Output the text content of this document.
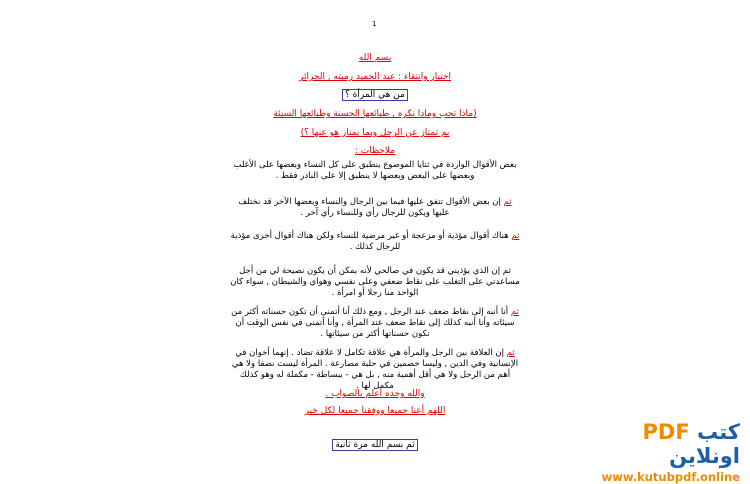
1
بسم الله
اختيار وانتقاء : عبد الحميد رميته , الجزائر
من هي المرأة ؟
(ماذا تحب وماذا تكره , طبائعها الحسنة وطبائعها السيئة
بم تمتاز عن الرجل وبما يمتاز هو عنها ؟)
ملاحظات :
بعض الأقوال الواردة في ثنايا الموضوع ينطبق على كل النساء وبعضها على الأغلب وبعضها على البعض وبعضها لا ينطبق إلا على النادر فقط .
ثم إن بعض الأقوال تتفق عليها فيما بين الرجال والنساء وبعضها الآخر قد نختلف عليها ويكون للرجال رأي وللنساء رأي آخر .
ثم هناك أقوال مؤذية أو مزعجة أو غير مرضية للنساء ولكن هناك أقوال أخرى مؤذية للرجال كذلك .
ثم إن الذي يؤذيني قد يكون في صالحي لأنه يمكن أن يكون نصيحة لي من أجل مساعدتي على التغلب على نقاط ضعفي وعلى نفسي وهواي والشيطان , سواء كان الواحد منا رجلا أو امرأة .
ثم أنا أنبه إلى نقاط ضعف عند الرجل , ومع ذلك أنا أتمنى أن تكون حسناته أكثر من سيئاته وأنا أنبه كذلك إلى نقاط ضعف عند المرأة , وأنا أتمنى في نفس الوقت أن تكون حسناتها أكثر من سيئاتها .
ثم إن العلاقة بين الرجل والمرأة هي علاقة تكامل لا علاقة تضاد . إنهما أخوان في الإنسانية وفي الدين , وليسا خصمين في حلبة مصارعة . المرأة ليست نصفا ولا هي أهم من الرجل ولا هي أقل أهمية منه , بل هي - ببساطة - مكملة له وهو كذلك مكمل لها .
والله وحده أعلم بالصواب .
اللهم أعنا جميعا ووفقنا جميعا لكل خير
ثم بسم الله مرة ثانية
كتب PDF اونلاين
www.kutubpdf.online
